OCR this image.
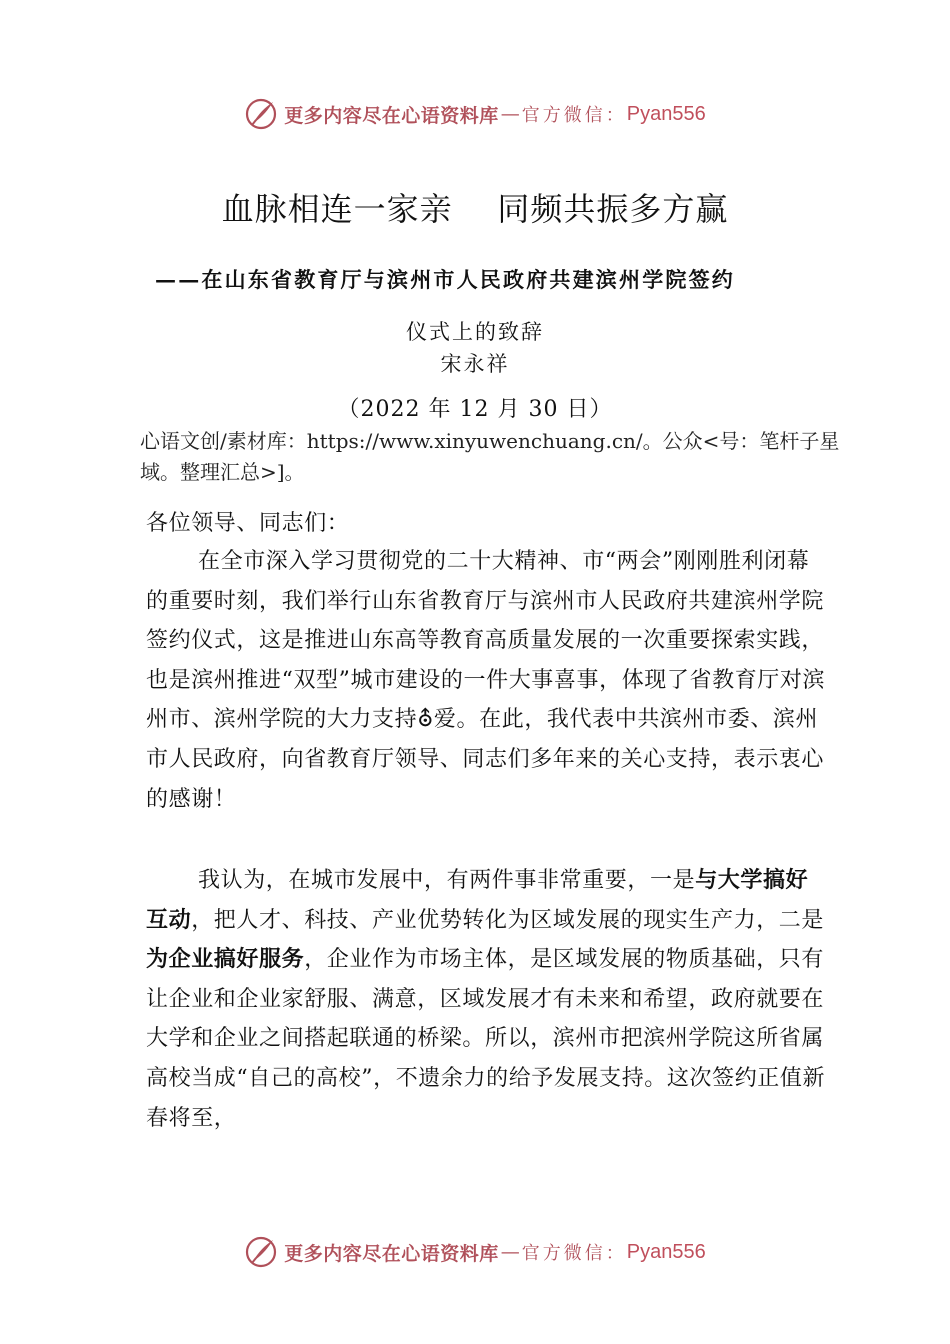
更多内容尽在心语资料库 — 官方微信： Pyan556
血脉相连一家亲    同频共振多方赢
——在山东省教育厅与滨州市人民政府共建滨州学院签约
仪式上的致辞
宋永祥
（2022 年 12 月 30 日）
心语文创/素材库：https://www.xinyuwenchuang.cn/。公众<号：笔杆子星域。整理汇总>]。
各位领导、同志们：
在全市深入学习贯彻党的二十大精神、市“两会”刚刚胜利闭幕的重要时刻，我们举行山东省教育厅与滨州市人民政府共建滨州学院签约仪式，这是推进山东高等教育高质量发展的一次重要探索实践，也是滨州推进“双型”城市建设的一件大事喜事，体现了省教育厅对滨州市、滨州学院的大力支持⛢爱。在此，我代表中共滨州市委、滨州市人民政府，向省教育厅领导、同志们多年来的关心支持，表示衷心的感谢！
我认为，在城市发展中，有两件事非常重要，一是与大学搞好互动，把人才、科技、产业优势转化为区域发展的现实生产力，二是为企业搞好服务，企业作为市场主体，是区域发展的物质基础，只有让企业和企业家舒服、满意，区域发展才有未来和希望，政府就要在大学和企业之间搭起联通的桥梁。所以，滨州市把滨州学院这所省属高校当成“自己的高校”，不遗余力的给予发展支持。这次签约正值新春将至，
更多内容尽在心语资料库 — 官方微信： Pyan556
